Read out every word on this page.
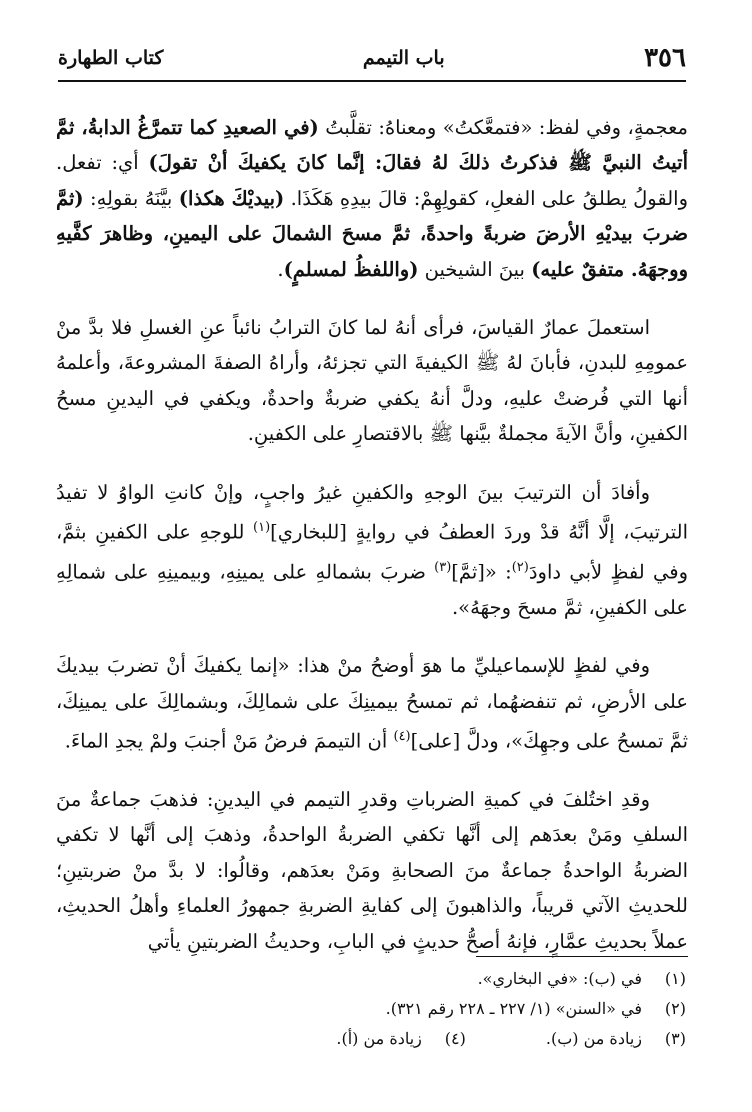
٣٥٦
باب التيمم
كتاب الطهارة

معجمةٍ، وفي لفظ: «فتمعَّكتُ» ومعناهُ: تقلَّبتُ (في الصعيدِ كما تتمرَّغُ الدابةُ، ثمَّ أتيتُ النبيَّ ﷺ فذكرتُ ذلكَ لهُ فقالَ: إنَّما كانَ يكفيكَ أنْ تقولَ) أي: تفعل. والقولُ يطلقُ على الفعلِ، كقولِهِمْ: قالَ بيدِهِ هَكَذَا. (بيديْكَ هكذا) بيَّنَهُ بقولِهِ: (ثمَّ ضربَ بيديْهِ الأرضَ ضربةً واحدةً، ثمَّ مسحَ الشمالَ على اليمينِ، وظاهرَ كفَّيهِ ووجهَهُ. متفقٌ عليه) بينَ الشيخين (واللفظُ لمسلمٍ).

استعملَ عمارٌ القياسَ، فرأى أنهُ لما كانَ الترابُ نائباً عنِ الغسلِ فلا بدَّ منْ عمومِهِ للبدنِ، فأبانَ لهُ ﷺ الكيفيةَ التي تجزئهُ، وأراهُ الصفةَ المشروعةَ، وأعلمهُ أنها التي فُرضتْ عليهِ، ودلَّ أنهُ يكفي ضربةٌ واحدةٌ، ويكفي في اليدينِ مسحُ الكفينِ، وأنَّ الآيةَ مجملةٌ بيَّنها ﷺ بالاقتصارِ على الكفينِ.

وأفادَ أن الترتيبَ بينَ الوجهِ والكفينِ غيرُ واجبٍ، وإنْ كانتِ الواوُ لا تفيدُ الترتيبَ، إلَّا أنَّهُ قدْ وردَ العطفُ في روايةٍ [للبخاري]$^{(١)}$ للوجهِ على الكفينِ بثمَّ، وفي لفظٍ لأبي داودَ$^{(٢)}$: «[ثمَّ]$^{(٣)}$ ضربَ بشمالهِ على يمينِهِ، وبيمينِهِ على شمالِهِ على الكفينِ، ثمَّ مسحَ وجهَهُ».

وفي لفظٍ للإسماعيليِّ ما هوَ أوضحُ منْ هذا: «إنما يكفيكَ أنْ تضربَ بيديكَ على الأرضِ، ثم تنفضهُما، ثم تمسحُ بيمينِكَ على شمالِكَ، وبشمالِكَ على يمينِكَ، ثمَّ تمسحُ على وجهِكَ»، ودلَّ [على]$^{(٤)}$ أن التيممَ فرضُ مَنْ أجنبَ ولمْ يجدِ الماءَ.

وقدِ اختُلفَ في كميةِ الضرباتِ وقدرِ التيمم في اليدينِ: فذهبَ جماعةٌ منَ السلفِ ومَنْ بعدَهم إلى أنَّها تكفي الضربةُ الواحدةُ، وذهبَ إلى أنَّها لا تكفي الضربةُ الواحدةُ جماعةٌ منَ الصحابةِ ومَنْ بعدَهم، وقالُوا: لا بدَّ منْ ضربتينِ؛ للحديثِ الآتي قريباً، والذاهبونَ إلى كفايةِ الضربةِ جمهورُ العلماءِ وأهلُ الحديثِ، عملاً بحديثِ عمَّارٍ، فإنهُ أصحُّ حديثٍ في البابِ، وحديثُ الضربتينِ يأتي

(١)
في (ب): «في البخاري».
(٢)
في «السنن» (١/ ٢٢٧ ـ ٢٢٨ رقم ٣٢١).
(٣)
زيادة من (ب).
(٤)
زيادة من (أ).
